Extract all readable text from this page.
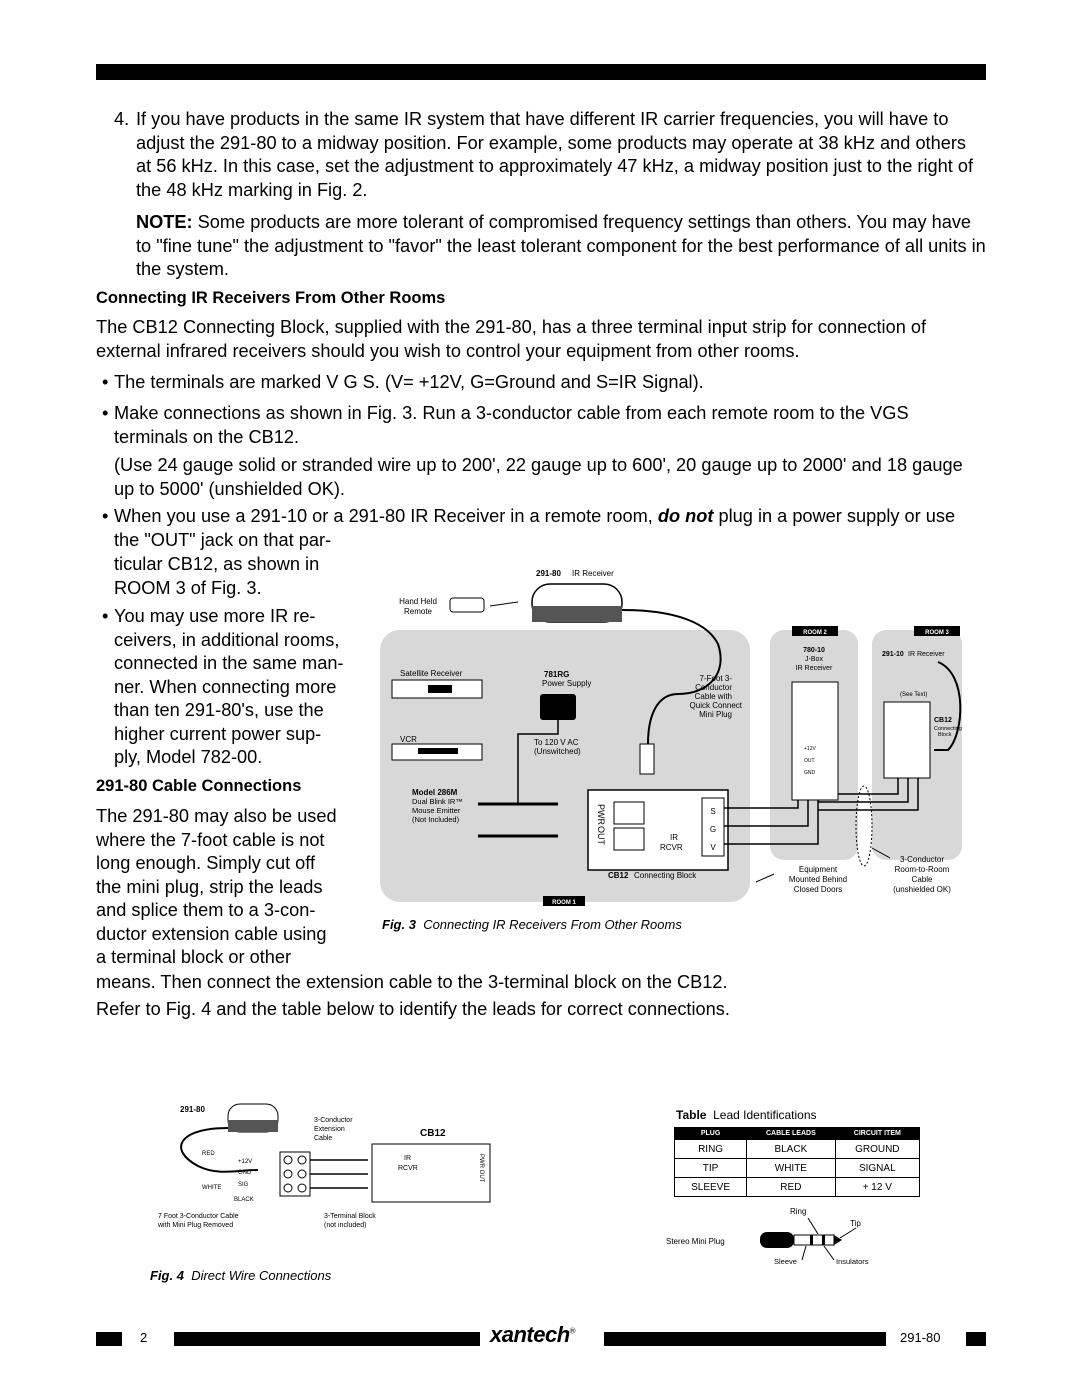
4. If you have products in the same IR system that have different IR carrier frequencies, you will have to adjust the 291-80 to a midway position. For example, some products may operate at 38 kHz and others at 56 kHz. In this case, set the adjustment to approximately 47 kHz, a midway position just to the right of the 48 kHz marking in Fig. 2.
NOTE: Some products are more tolerant of compromised frequency settings than others. You may have to "fine tune" the adjustment to "favor" the least tolerant component for the best performance of all units in the system.
Connecting IR Receivers From Other Rooms
The CB12 Connecting Block, supplied with the 291-80, has a three terminal input strip for connection of external infrared receivers should you wish to control your equipment from other rooms.
• The terminals are marked V G S. (V= +12V, G=Ground and S=IR Signal).
• Make connections as shown in Fig. 3. Run a 3-conductor cable from each remote room to the VGS terminals on the CB12.
(Use 24 gauge solid or stranded wire up to 200', 22 gauge up to 600', 20 gauge up to 2000' and 18 gauge up to 5000' (unshielded OK).
• When you use a 291-10 or a 291-80 IR Receiver in a remote room, do not plug in a power supply or use
the "OUT" jack on that par-
ticular CB12, as shown in
ROOM 3 of Fig. 3.
• You may use more IR re-
ceivers, in additional rooms,
connected in the same man-
ner. When connecting more
than ten 291-80's, use the
higher current power sup-
ply, Model 782-00.
291-80 Cable Connections
The 291-80 may also be used
where the 7-foot cable is not
long enough. Simply cut off
the mini plug, strip the leads
and splice them to a 3-con-
ductor extension cable using
a terminal block or other
means. Then connect the extension cable to the 3-terminal block on the CB12.
Refer to Fig. 4 and the table below to identify the leads for correct connections.
ROOM 1
ROOM 2	ROOM 3
291-80 IR Receiver
Hand Held
Remote
Satellite Receiver
VCR
781RG
Power Supply
To 120 V AC
(Unswitched)
7-Foot 3-
Conductor
Cable with
Quick Connect
Mini Plug
Model 286M
Dual Blink IR™
Mouse Emitter
(Not Included)	PWR
OUT	IR
RCVR
S
G
V
CB12 Connecting Block
780-10
J-Box
IR Receiver
+12V
OUT
GND
291-10 IR Receiver
(See Text)
CB12
Connecting
Block
Equipment
Mounted Behind
Closed Doors
3-Conductor
Room-to-Room
Cable
(unshielded OK)
Fig. 3 Connecting IR Receivers From Other Rooms
291-80
RED
WHITE
BLACK
+12V
GND
SIG
3-Conductor
Extension
Cable	CB12
IR
RCVR	PWR OUT
7 Foot 3-Conductor Cable
with Mini Plug Removed
3-Terminal Block
(not included)
Fig. 4 Direct Wire Connections
Table Lead Identifications
PLUG	CABLE LEADS	CIRCUIT ITEM
RING	BLACK	GROUND
TIP	WHITE	SIGNAL
SLEEVE	RED	+ 12 V
Ring
Tip
Stereo Mini Plug
Sleeve	Insulators
2	xantech®	291-80
